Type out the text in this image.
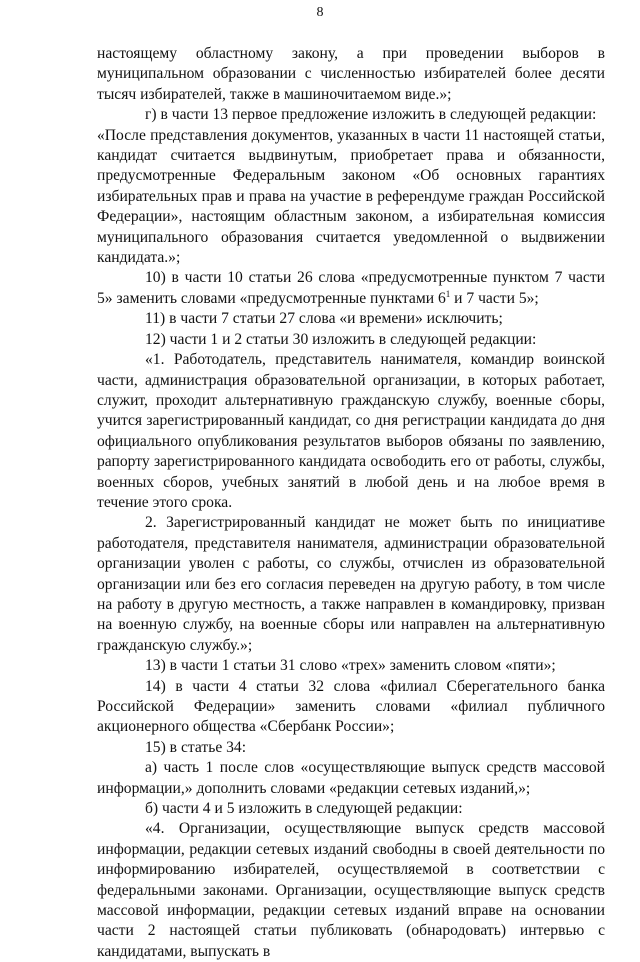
8

настоящему областному закону, а при проведении выборов в муниципальном образовании с численностью избирателей более десяти тысяч избирателей, также в машиночитаемом виде.»;

г) в части 13 первое предложение изложить в следующей редакции:

«После представления документов, указанных в части 11 настоящей статьи, кандидат считается выдвинутым, приобретает права и обязанности, предусмотренные Федеральным законом «Об основных гарантиях избирательных прав и права на участие в референдуме граждан Российской Федерации», настоящим областным законом, а избирательная комиссия муниципального образования считается уведомленной о выдвижении кандидата.»;

10) в части 10 статьи 26 слова «предусмотренные пунктом 7 части 5» заменить словами «предусмотренные пунктами $6^1$ и 7 части 5»;

11) в части 7 статьи 27 слова «и времени» исключить;

12) части 1 и 2 статьи 30 изложить в следующей редакции:

«1. Работодатель, представитель нанимателя, командир воинской части, администрация образовательной организации, в которых работает, служит, проходит альтернативную гражданскую службу, военные сборы, учится зарегистрированный кандидат, со дня регистрации кандидата до дня официального опубликования результатов выборов обязаны по заявлению, рапорту зарегистрированного кандидата освободить его от работы, службы, военных сборов, учебных занятий в любой день и на любое время в течение этого срока.

2. Зарегистрированный кандидат не может быть по инициативе работодателя, представителя нанимателя, администрации образовательной организации уволен с работы, со службы, отчислен из образовательной организации или без его согласия переведен на другую работу, в том числе на работу в другую местность, а также направлен в командировку, призван на военную службу, на военные сборы или направлен на альтернативную гражданскую службу.»;

13) в части 1 статьи 31 слово «трех» заменить словом «пяти»;

14) в части 4 статьи 32 слова «филиал Сберегательного банка Российской Федерации» заменить словами «филиал публичного акционерного общества «Сбербанк России»;

15) в статье 34:

а) часть 1 после слов «осуществляющие выпуск средств массовой информации,» дополнить словами «редакции сетевых изданий,»;

б) части 4 и 5 изложить в следующей редакции:

«4. Организации, осуществляющие выпуск средств массовой информации, редакции сетевых изданий свободны в своей деятельности по информированию избирателей, осуществляемой в соответствии с федеральными законами. Организации, осуществляющие выпуск средств массовой информации, редакции сетевых изданий вправе на основании части 2 настоящей статьи публиковать (обнародовать) интервью с кандидатами, выпускать в
